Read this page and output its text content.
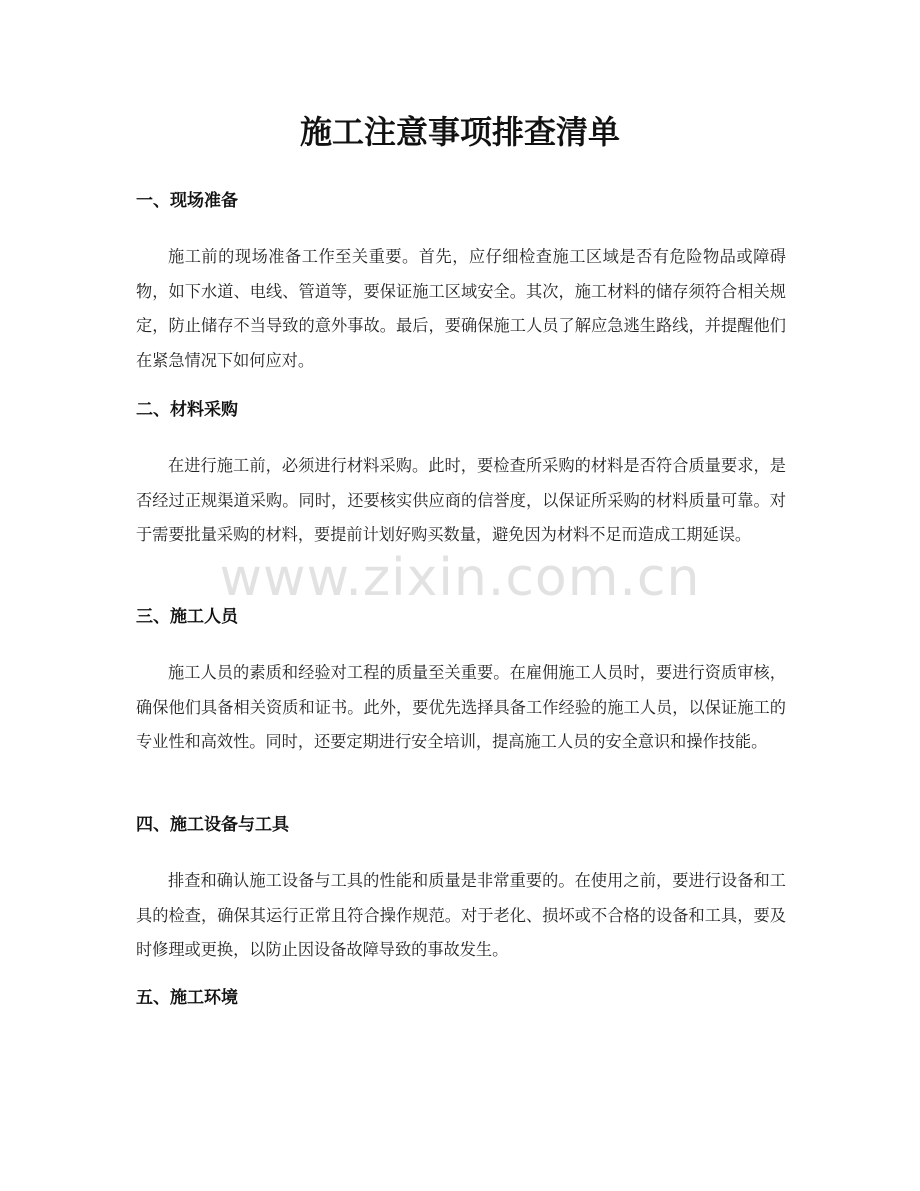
施工注意事项排查清单
一、现场准备

施工前的现场准备工作至关重要。首先，应仔细检查施工区域是否有危险物品或障碍物，如下水道、电线、管道等，要保证施工区域安全。其次，施工材料的储存须符合相关规定，防止储存不当导致的意外事故。最后，要确保施工人员了解应急逃生路线，并提醒他们在紧急情况下如何应对。

二、材料采购

在进行施工前，必须进行材料采购。此时，要检查所采购的材料是否符合质量要求，是否经过正规渠道采购。同时，还要核实供应商的信誉度，以保证所采购的材料质量可靠。对于需要批量采购的材料，要提前计划好购买数量，避免因为材料不足而造成工期延误。

三、施工人员

施工人员的素质和经验对工程的质量至关重要。在雇佣施工人员时，要进行资质审核，确保他们具备相关资质和证书。此外，要优先选择具备工作经验的施工人员，以保证施工的专业性和高效性。同时，还要定期进行安全培训，提高施工人员的安全意识和操作技能。

四、施工设备与工具

排查和确认施工设备与工具的性能和质量是非常重要的。在使用之前，要进行设备和工具的检查，确保其运行正常且符合操作规范。对于老化、损坏或不合格的设备和工具，要及时修理或更换，以防止因设备故障导致的事故发生。

五、施工环境
www.zixin.com.cn
